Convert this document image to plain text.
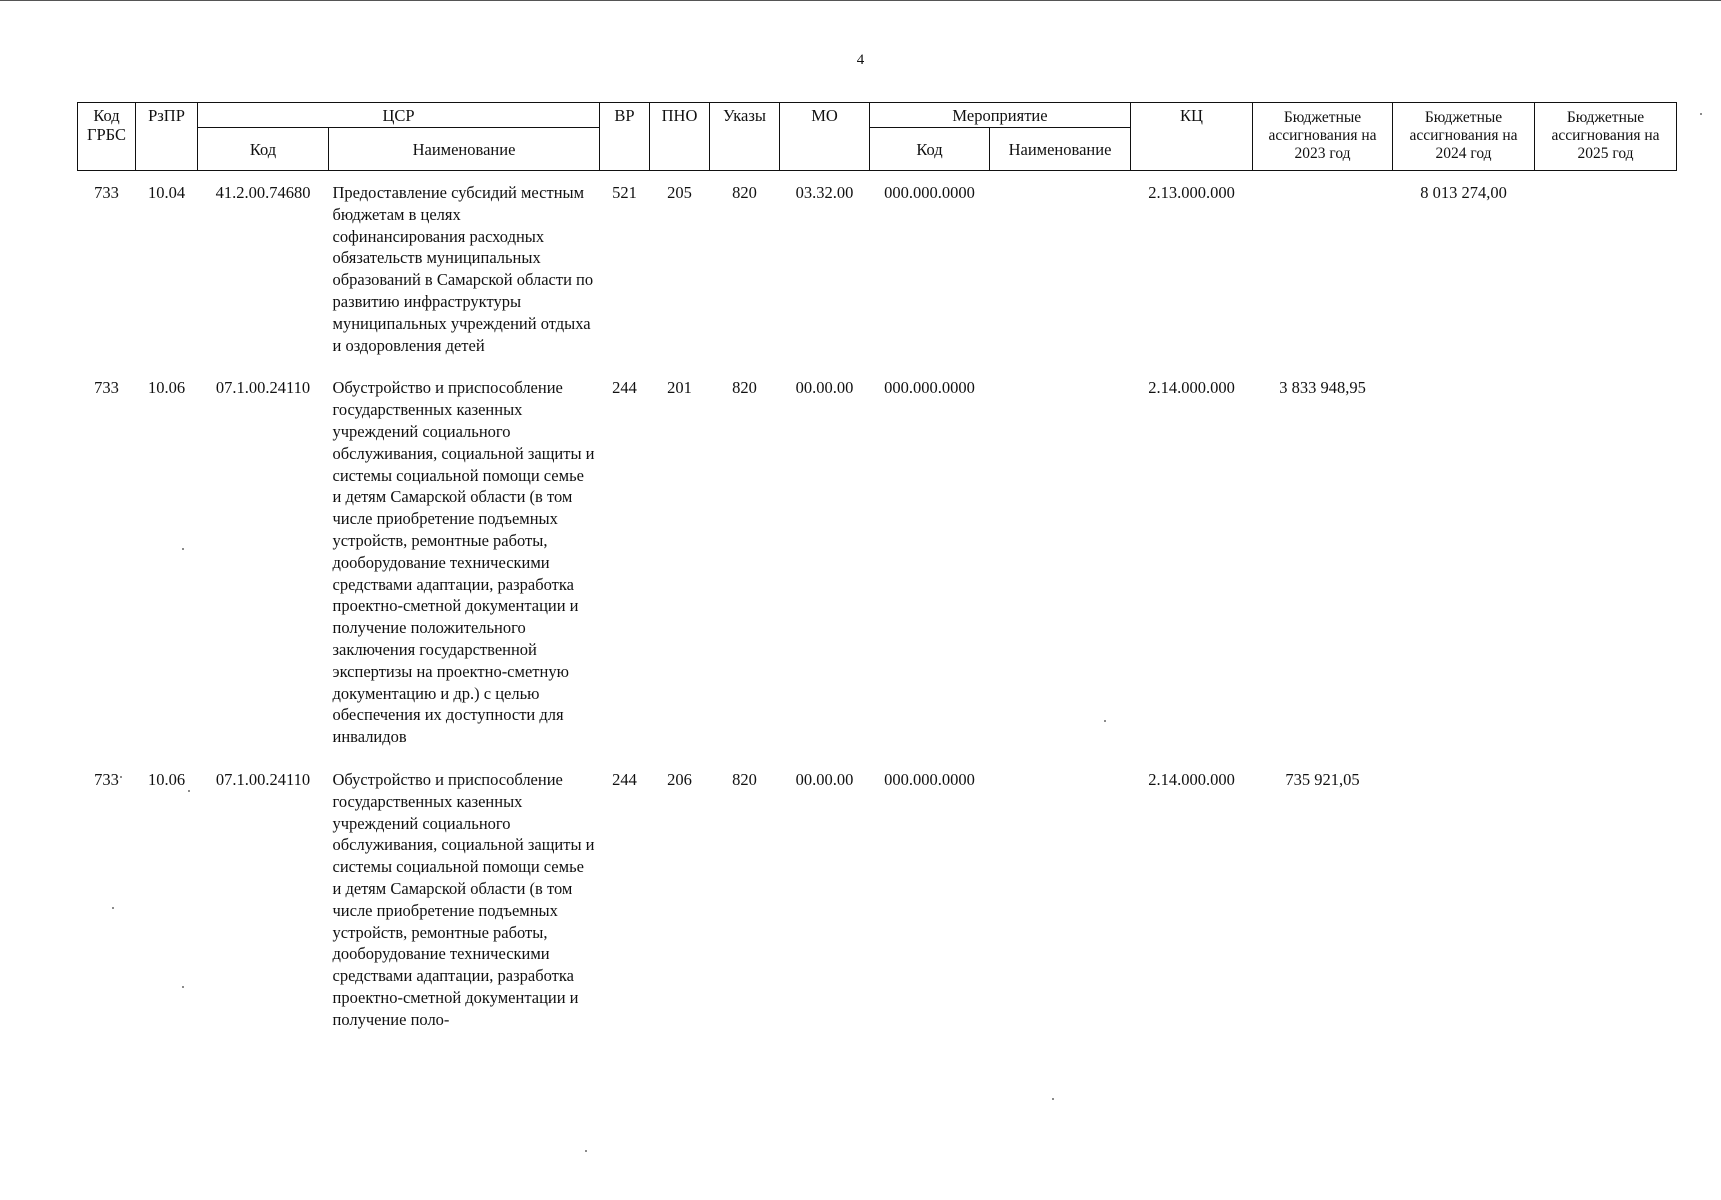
4
Код ГРБС	РзПР	ЦСР		ВР	ПНО	Указы	МО	Мероприятие		КЦ	Бюджетные ассигнования на 2023 год	Бюджетные ассигнования на 2024 год	Бюджетные ассигнования на 2025 год
		Код	Наименование					Код	Наименование				

733	10.04	41.2.00.74680	Предоставление субсидий местным бюджетам в целях софинансирования расходных обязательств муниципальных образований в Самарской области по развитию инфраструктуры муниципальных учреждений отдыха и оздоровления детей	521	205	820	03.32.00	000.000.0000		2.13.000.000		8 013 274,00	

733	10.06	07.1.00.24110	Обустройство и приспособление государственных казенных учреждений социального обслуживания, социальной защиты и системы социальной помощи семье и детям Самарской области (в том числе приобретение подъемных устройств, ремонтные работы, дооборудование техническими средствами адаптации, разработка проектно-сметной документации и получение положительного заключения государственной экспертизы на проектно-сметную документацию и др.) с целью обеспечения их доступности для инвалидов	244	201	820	00.00.00	000.000.0000		2.14.000.000	3 833 948,95		

733	10.06	07.1.00.24110	Обустройство и приспособление государственных казенных учреждений социального обслуживания, социальной защиты и системы социальной помощи семье и детям Самарской области (в том числе приобретение подъемных устройств, ремонтные работы, дооборудование техническими средствами адаптации, разработка проектно-сметной документации и получение поло-	244	206	820	00.00.00	000.000.0000		2.14.000.000	735 921,05		
